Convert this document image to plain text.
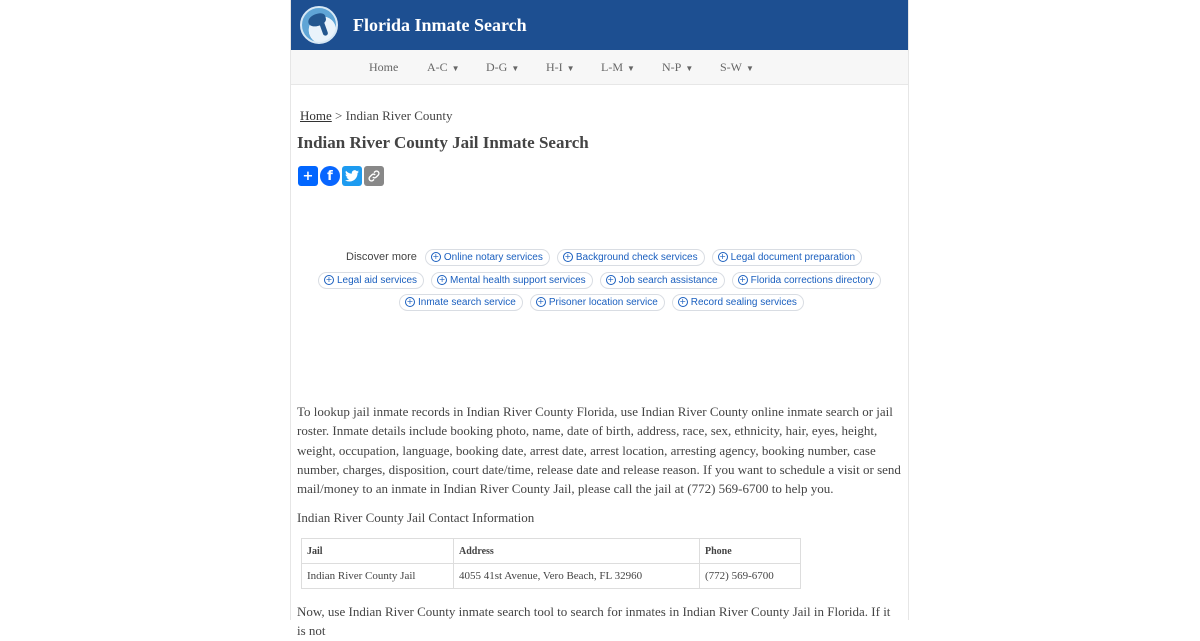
Florida Inmate Search
Home A-C ▼ D-G ▼ H-I ▼ L-M ▼ N-P ▼ S-W ▼
Home > Indian River County
Indian River County Jail Inmate Search
+	f
Discover more + Online notary services	+ Background check services	+ Legal document preparation
+ Legal aid services	+ Mental health support services	+ Job search assistance	+ Florida corrections directory
+ Inmate search service	+ Prisoner location service	+ Record sealing services

To lookup jail inmate records in Indian River County Florida, use Indian River County online inmate search or jail roster. Inmate details include booking photo, name, date of birth, address, race, sex, ethnicity, hair, eyes, height, weight, occupation, language, booking date, arrest date, arrest location, arresting agency, booking number, case number, charges, disposition, court date/time, release date and release reason. If you want to schedule a visit or send mail/money to an inmate in Indian River County Jail, please call the jail at (772) 569-6700 to help you.

Indian River County Jail Contact Information
Jail	Address	Phone
Indian River County Jail	4055 41st Avenue, Vero Beach, FL 32960	(772) 569-6700

Now, use Indian River County inmate search tool to search for inmates in Indian River County Jail in Florida. If it is not
